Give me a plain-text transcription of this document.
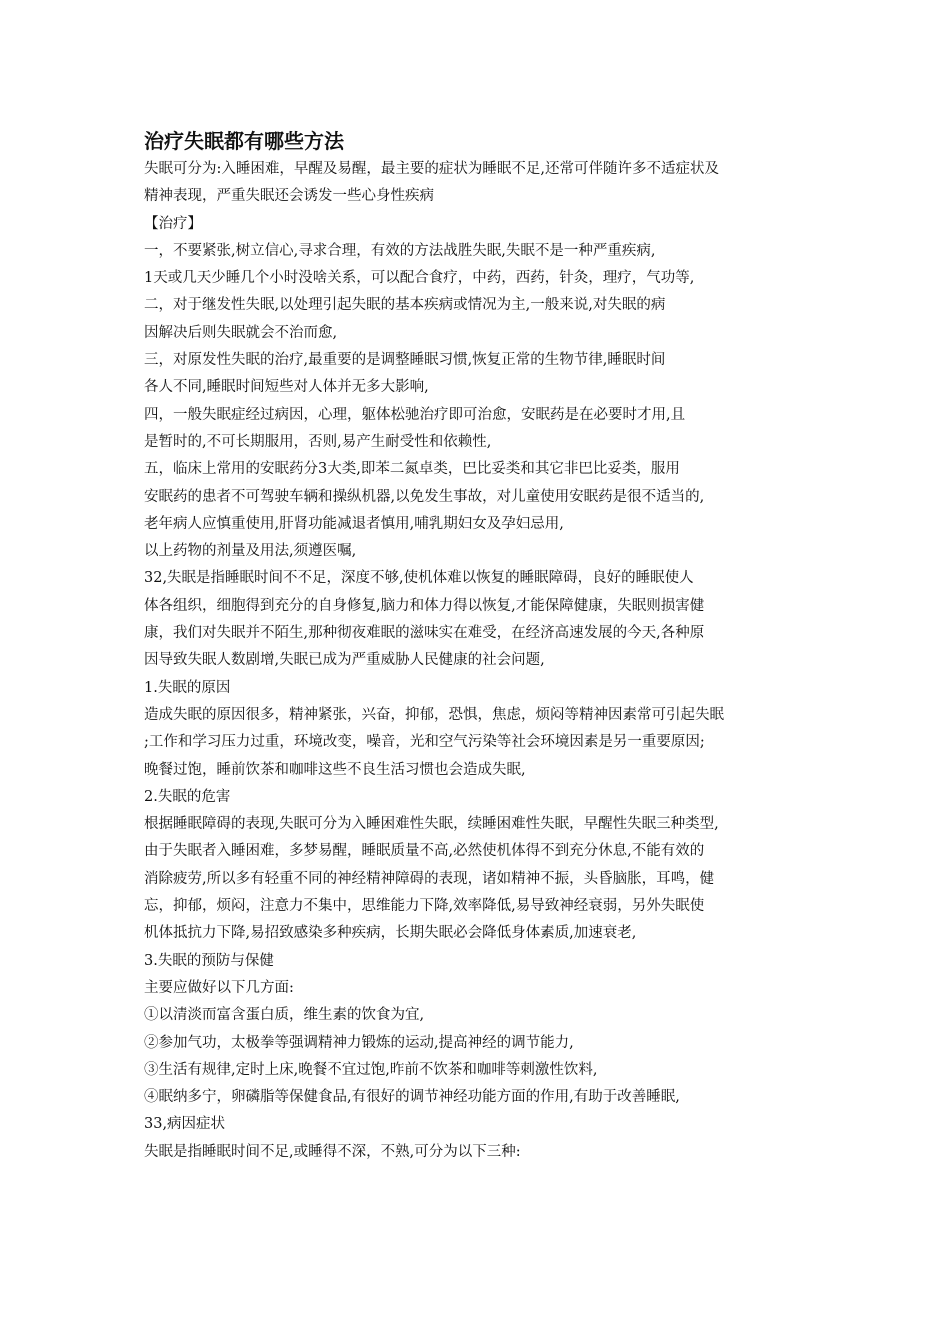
治疗失眠都有哪些方法
失眠可分为:入睡困难，早醒及易醒，最主要的症状为睡眠不足,还常可伴随许多不适症状及
精神表现，严重失眠还会诱发一些心身性疾病
【治疗】
一，不要紧张,树立信心,寻求合理，有效的方法战胜失眠,失眠不是一种严重疾病,
1天或几天少睡几个小时没啥关系，可以配合食疗，中药，西药，针灸，理疗，气功等,
二，对于继发性失眠,以处理引起失眠的基本疾病或情况为主,一般来说,对失眠的病
因解决后则失眠就会不治而愈,
三，对原发性失眠的治疗,最重要的是调整睡眠习惯,恢复正常的生物节律,睡眠时间
各人不同,睡眠时间短些对人体并无多大影响,
四，一般失眠症经过病因，心理，躯体松驰治疗即可治愈，安眠药是在必要时才用,且
是暂时的,不可长期服用，否则,易产生耐受性和依赖性,
五，临床上常用的安眠药分3大类,即苯二氮卓类，巴比妥类和其它非巴比妥类，服用
安眠药的患者不可驾驶车辆和操纵机器,以免发生事故，对儿童使用安眠药是很不适当的,
老年病人应慎重使用,肝肾功能减退者慎用,哺乳期妇女及孕妇忌用,
以上药物的剂量及用法,须遵医嘱,
32,失眠是指睡眠时间不不足，深度不够,使机体难以恢复的睡眠障碍，良好的睡眠使人
体各组织，细胞得到充分的自身修复,脑力和体力得以恢复,才能保障健康，失眠则损害健
康，我们对失眠并不陌生,那种彻夜难眠的滋味实在难受，在经济高速发展的今天,各种原
因导致失眠人数剧增,失眠已成为严重威胁人民健康的社会问题,
1.失眠的原因
造成失眠的原因很多，精神紧张，兴奋，抑郁，恐惧，焦虑，烦闷等精神因素常可引起失眠
;工作和学习压力过重，环境改变，噪音，光和空气污染等社会环境因素是另一重要原因;
晚餐过饱，睡前饮茶和咖啡这些不良生活习惯也会造成失眠,
2.失眠的危害
根据睡眠障碍的表现,失眠可分为入睡困难性失眠，续睡困难性失眠，早醒性失眠三种类型,
由于失眠者入睡困难，多梦易醒，睡眠质量不高,必然使机体得不到充分休息,不能有效的
消除疲劳,所以多有轻重不同的神经精神障碍的表现，诸如精神不振，头昏脑胀，耳鸣，健
忘，抑郁，烦闷，注意力不集中，思维能力下降,效率降低,易导致神经衰弱，另外失眠使
机体抵抗力下降,易招致感染多种疾病，长期失眠必会降低身体素质,加速衰老,
3.失眠的预防与保健
主要应做好以下几方面:
①以清淡而富含蛋白质，维生素的饮食为宜,
②参加气功，太极拳等强调精神力锻炼的运动,提高神经的调节能力,
③生活有规律,定时上床,晚餐不宜过饱,昨前不饮茶和咖啡等刺激性饮料,
④眠纳多宁，卵磷脂等保健食品,有很好的调节神经功能方面的作用,有助于改善睡眠,
33,病因症状
失眠是指睡眠时间不足,或睡得不深，不熟,可分为以下三种:
